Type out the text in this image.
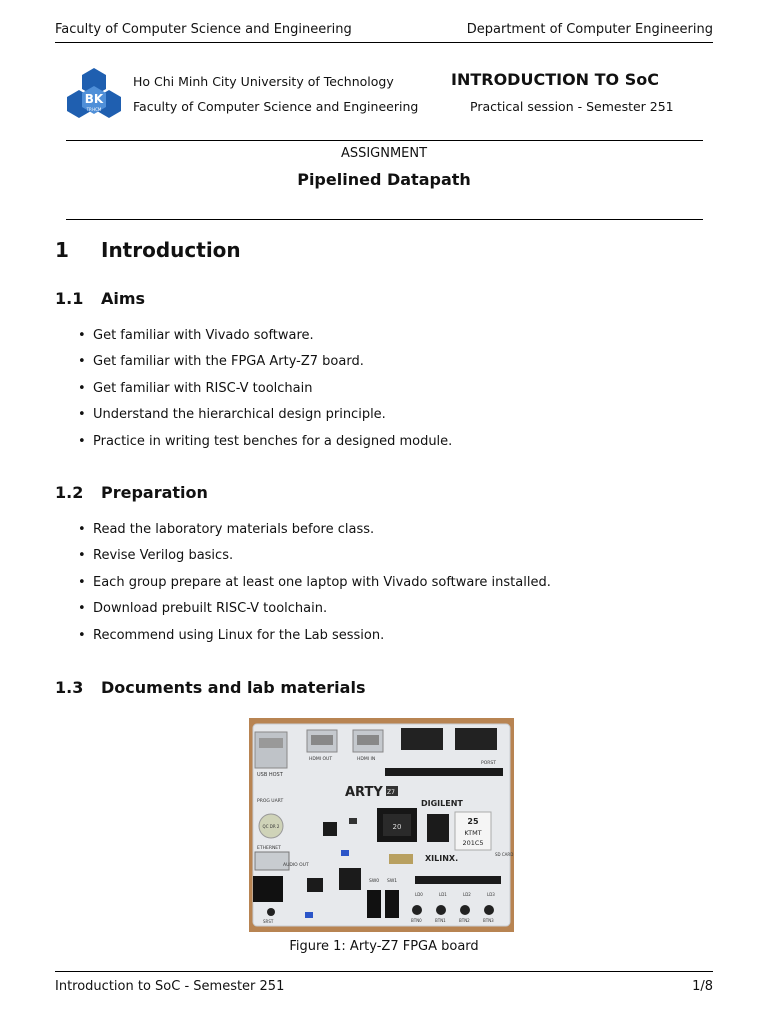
Faculty of Computer Science and Engineering	Department of Computer Engineering
BK
TP.HCM
Ho Chi Minh City University of Technology
Faculty of Computer Science and Engineering
INTRODUCTION TO SoC
Practical session - Semester 251
ASSIGNMENT
Pipelined Datapath
1 Introduction
1.1 Aims
• Get familiar with Vivado software.
• Get familiar with the FPGA Arty-Z7 board.
• Get familiar with RISC-V toolchain
• Understand the hierarchical design principle.
• Practice in writing test benches for a designed module.
1.2 Preparation
• Read the laboratory materials before class.
• Revise Verilog basics.
• Each group prepare at least one laptop with Vivado software installed.
• Download prebuilt RISC-V toolchain.
• Recommend using Linux for the Lab session.
1.3 Documents and lab materials
USB HOST
HDMI OUT	HDMI IN
PORST
ARTY Z7
DIGILENT
PROG UART
QC DR 2
ETHERNET
AUDIO OUT
20
25
KTMT
201C5
SD CARD
XILINX.
SW0 SW1
LD0	LD1	LD2	LD3
BTN0	BTN1	BTN2	BTN3
SRST
Figure 1: Arty-Z7 FPGA board
Introduction to SoC - Semester 251	1/8
